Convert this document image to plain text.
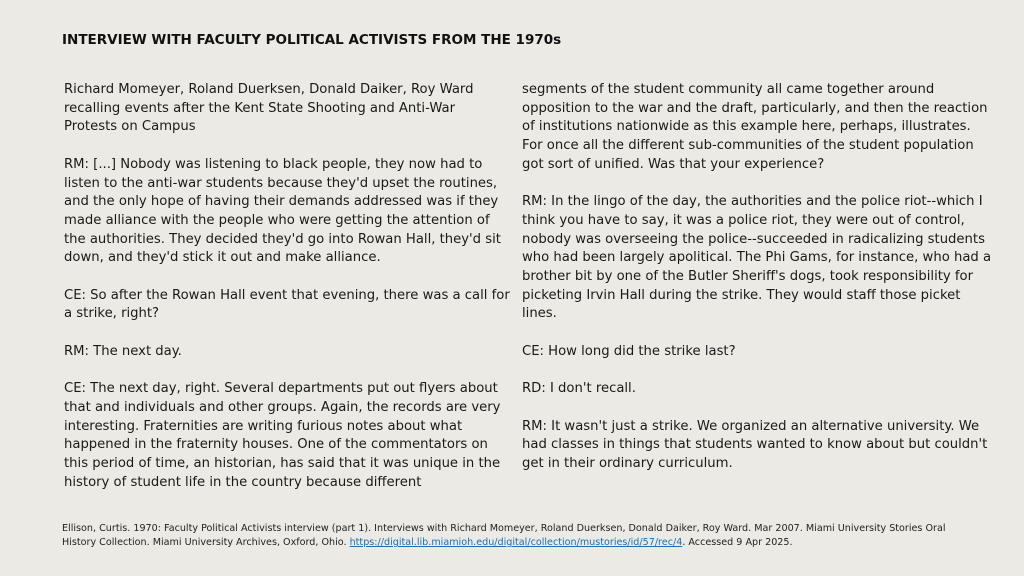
INTERVIEW WITH FACULTY POLITICAL ACTIVISTS FROM THE 1970s

Richard Momeyer, Roland Duerksen, Donald Daiker, Roy Ward recalling events after the Kent State Shooting and Anti-War Protests on Campus

RM: [...] Nobody was listening to black people, they now had to listen to the anti-war students because they'd upset the routines, and the only hope of having their demands addressed was if they made alliance with the people who were getting the attention of the authorities. They decided they'd go into Rowan Hall, they'd sit down, and they'd stick it out and make alliance.

CE: So after the Rowan Hall event that evening, there was a call for a strike, right?

RM: The next day.

CE: The next day, right. Several departments put out flyers about that and individuals and other groups. Again, the records are very interesting. Fraternities are writing furious notes about what happened in the fraternity houses. One of the commentators on this period of time, an historian, has said that it was unique in the history of student life in the country because different

segments of the student community all came together around opposition to the war and the draft, particularly, and then the reaction of institutions nationwide as this example here, perhaps, illustrates. For once all the different sub-communities of the student population got sort of unified. Was that your experience?

RM: In the lingo of the day, the authorities and the police riot--which I think you have to say, it was a police riot, they were out of control, nobody was overseeing the police--succeeded in radicalizing students who had been largely apolitical. The Phi Gams, for instance, who had a brother bit by one of the Butler Sheriff's dogs, took responsibility for picketing Irvin Hall during the strike. They would staff those picket lines.

CE: How long did the strike last?

RD: I don't recall.

RM: It wasn't just a strike. We organized an alternative university. We had classes in things that students wanted to know about but couldn't get in their ordinary curriculum.

Ellison, Curtis. 1970: Faculty Political Activists interview (part 1). Interviews with Richard Momeyer, Roland Duerksen, Donald Daiker, Roy Ward. Mar 2007. Miami University Stories Oral History Collection. Miami University Archives, Oxford, Ohio. https://digital.lib.miamioh.edu/digital/collection/mustories/id/57/rec/4. Accessed 9 Apr 2025.
